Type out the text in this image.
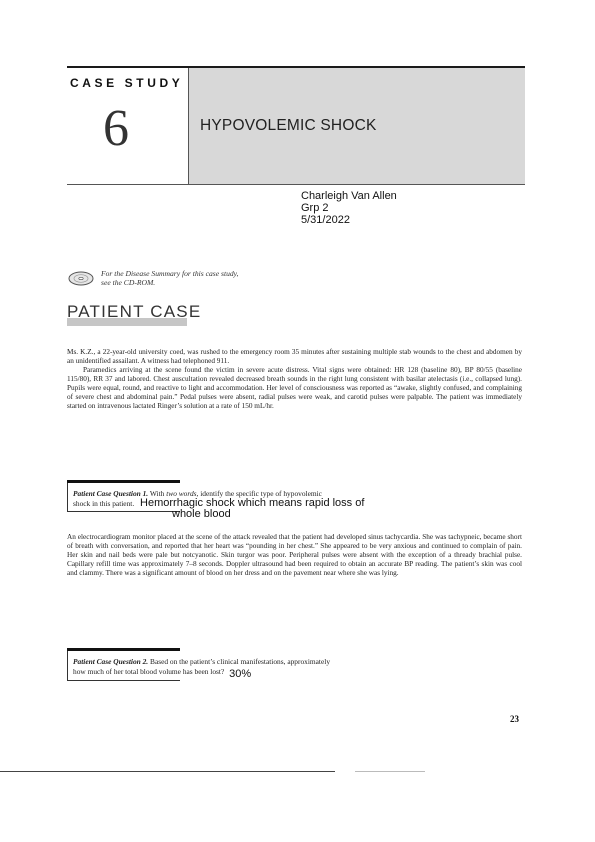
CASE STUDY
6	HYPOVOLEMIC SHOCK
Charleigh Van Allen
Grp 2
5/31/2022
For the Disease Summary for this case study,
see the CD-ROM.
PATIENT CASE

Ms. K.Z., a 22-year-old university coed, was rushed to the emergency room 35 minutes after sustaining multiple stab wounds to the chest and abdomen by an unidentified assailant. A witness had telephoned 911.

Paramedics arriving at the scene found the victim in severe acute distress. Vital signs were obtained: HR 128 (baseline 80), BP 80/55 (baseline 115/80), RR 37 and labored. Chest auscultation revealed decreased breath sounds in the right lung consistent with basilar atelectasis (i.e., collapsed lung). Pupils were equal, round, and reactive to light and accommodation. Her level of consciousness was reported as “awake, slightly confused, and complaining of severe chest and abdominal pain.” Pedal pulses were absent, radial pulses were weak, and carotid pulses were palpable. The patient was immediately started on intravenous lactated Ringer’s solution at a rate of 150 mL/hr.

Patient Case Question 1. With two words, identify the specific type of hypovolemic
shock in this patient. Hemorrhagic shock which means rapid loss of
whole blood

An electrocardiogram monitor placed at the scene of the attack revealed that the patient had developed sinus tachycardia. She was tachypneic, became short of breath with conversation, and reported that her heart was “pounding in her chest.” She appeared to be very anxious and continued to complain of pain. Her skin and nail beds were pale but notcyanotic. Skin turgor was poor. Peripheral pulses were absent with the exception of a thready brachial pulse. Capillary refill time was approximately 7–8 seconds. Doppler ultrasound had been required to obtain an accurate BP reading. The patient’s skin was cool and clammy. There was a significant amount of blood on her dress and on the pavement near where she was lying.

Patient Case Question 2. Based on the patient’s clinical manifestations, approximately
how much of her total blood volume has been lost? 30%
23
